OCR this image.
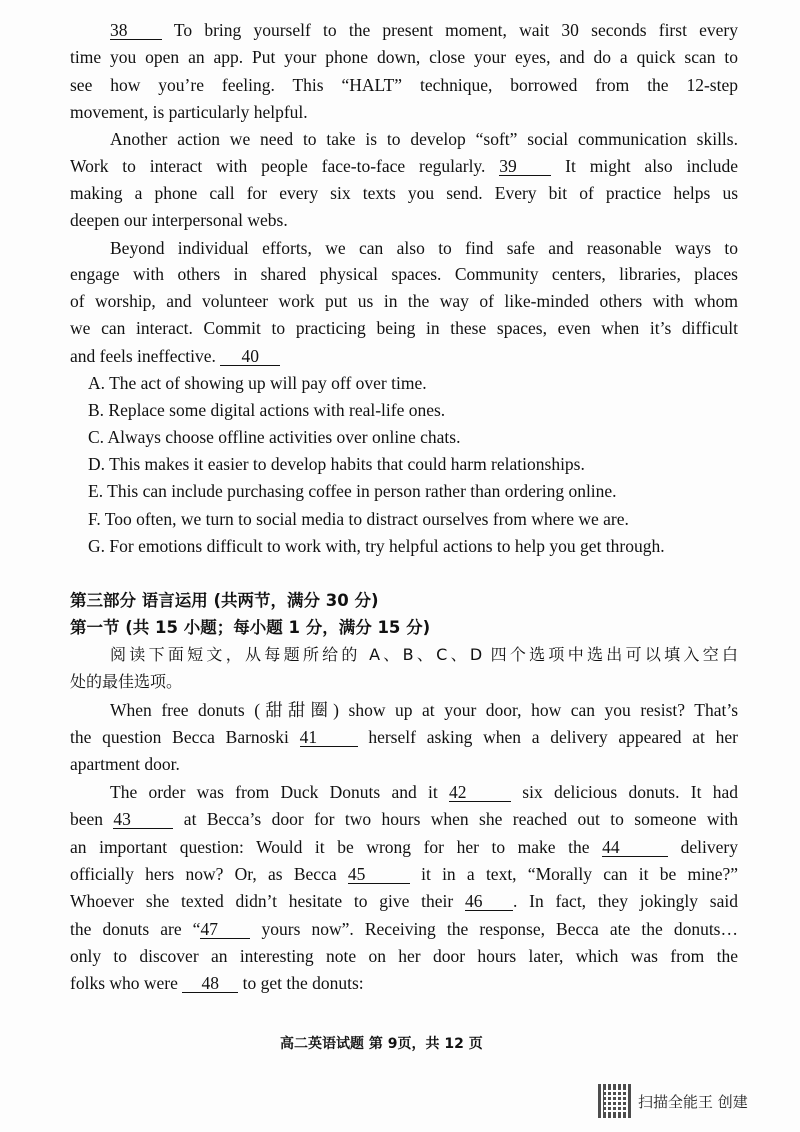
38 To bring yourself to the present moment, wait 30 seconds first every
time you open an app. Put your phone down, close your eyes, and do a quick scan to
see how you’re feeling. This “HALT” technique, borrowed from the 12-step
movement, is particularly helpful.
Another action we need to take is to develop “soft” social communication skills.
Work to interact with people face-to-face regularly. 39 It might also include
making a phone call for every six texts you send. Every bit of practice helps us
deepen our interpersonal webs.
Beyond individual efforts, we can also to find safe and reasonable ways to
engage with others in shared physical spaces. Community centers, libraries, places
of worship, and volunteer work put us in the way of like-minded others with whom
we can interact. Commit to practicing being in these spaces, even when it’s difficult
and feels ineffective. 40
A. The act of showing up will pay off over time.
B. Replace some digital actions with real-life ones.
C. Always choose offline activities over online chats.
D. This makes it easier to develop habits that could harm relationships.
E. This can include purchasing coffee in person rather than ordering online.
F. Too often, we turn to social media to distract ourselves from where we are.
G. For emotions difficult to work with, try helpful actions to help you get through.
第三部分 语言运用 (共两节，满分 30 分)
第一节 (共 15 小题；每小题 1 分，满分 15 分)
阅读下面短文，从每题所给的 A、B、C、D 四个选项中选出可以填入空白
处的最佳选项。
When free donuts (甜甜圈) show up at your door, how can you resist? That’s
the question Becca Barnoski 41 herself asking when a delivery appeared at her
apartment door.
The order was from Duck Donuts and it 42	six delicious donuts. It had
been 43 at Becca’s door for two hours when she reached out to someone with
an important question: Would it be wrong for her to make the 44	delivery
officially hers now? Or, as Becca 45	it in a text, “Morally can it be mine?”
Whoever she texted didn’t hesitate to give their 46 . In fact, they jokingly said
the donuts are “47 yours now”. Receiving the response, Becca ate the donuts…
only to discover an interesting note on her door hours later, which was from the
folks who were 48 to get the donuts:
高二英语试题 第 9页，共 12 页
扫描全能王 创建
